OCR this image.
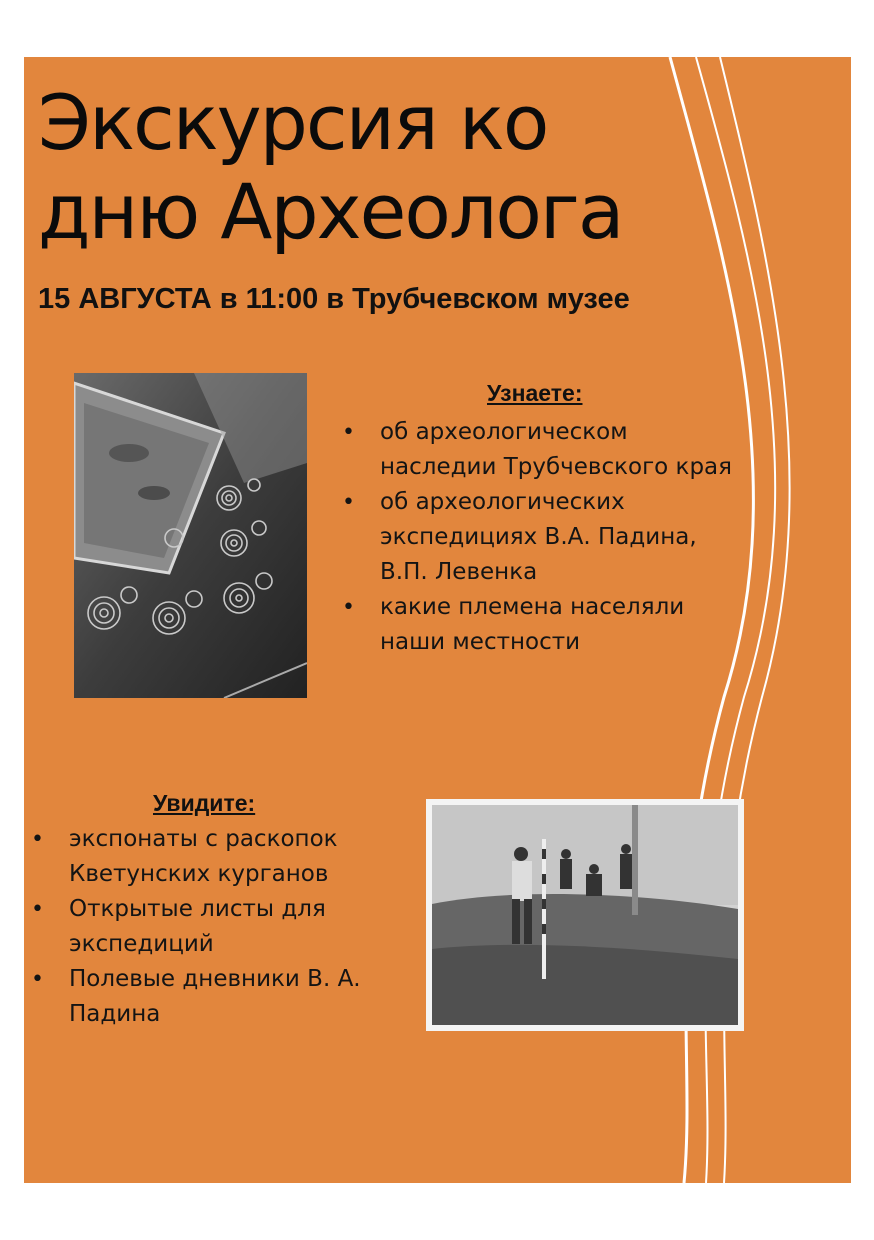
Экскурсия ко
дню Археолога

15 АВГУСТА в 11:00 в Трубчевском музее

Узнаете:
• об археологическом наследии Трубчевского края
• об археологических экспедициях В.А. Падина, В.П. Левенка
• какие племена населяли наши местности
Увидите:
• экспонаты с раскопок Кветунских курганов
• Открытые листы для экспедиций
• Полевые дневники В. А. Падина
